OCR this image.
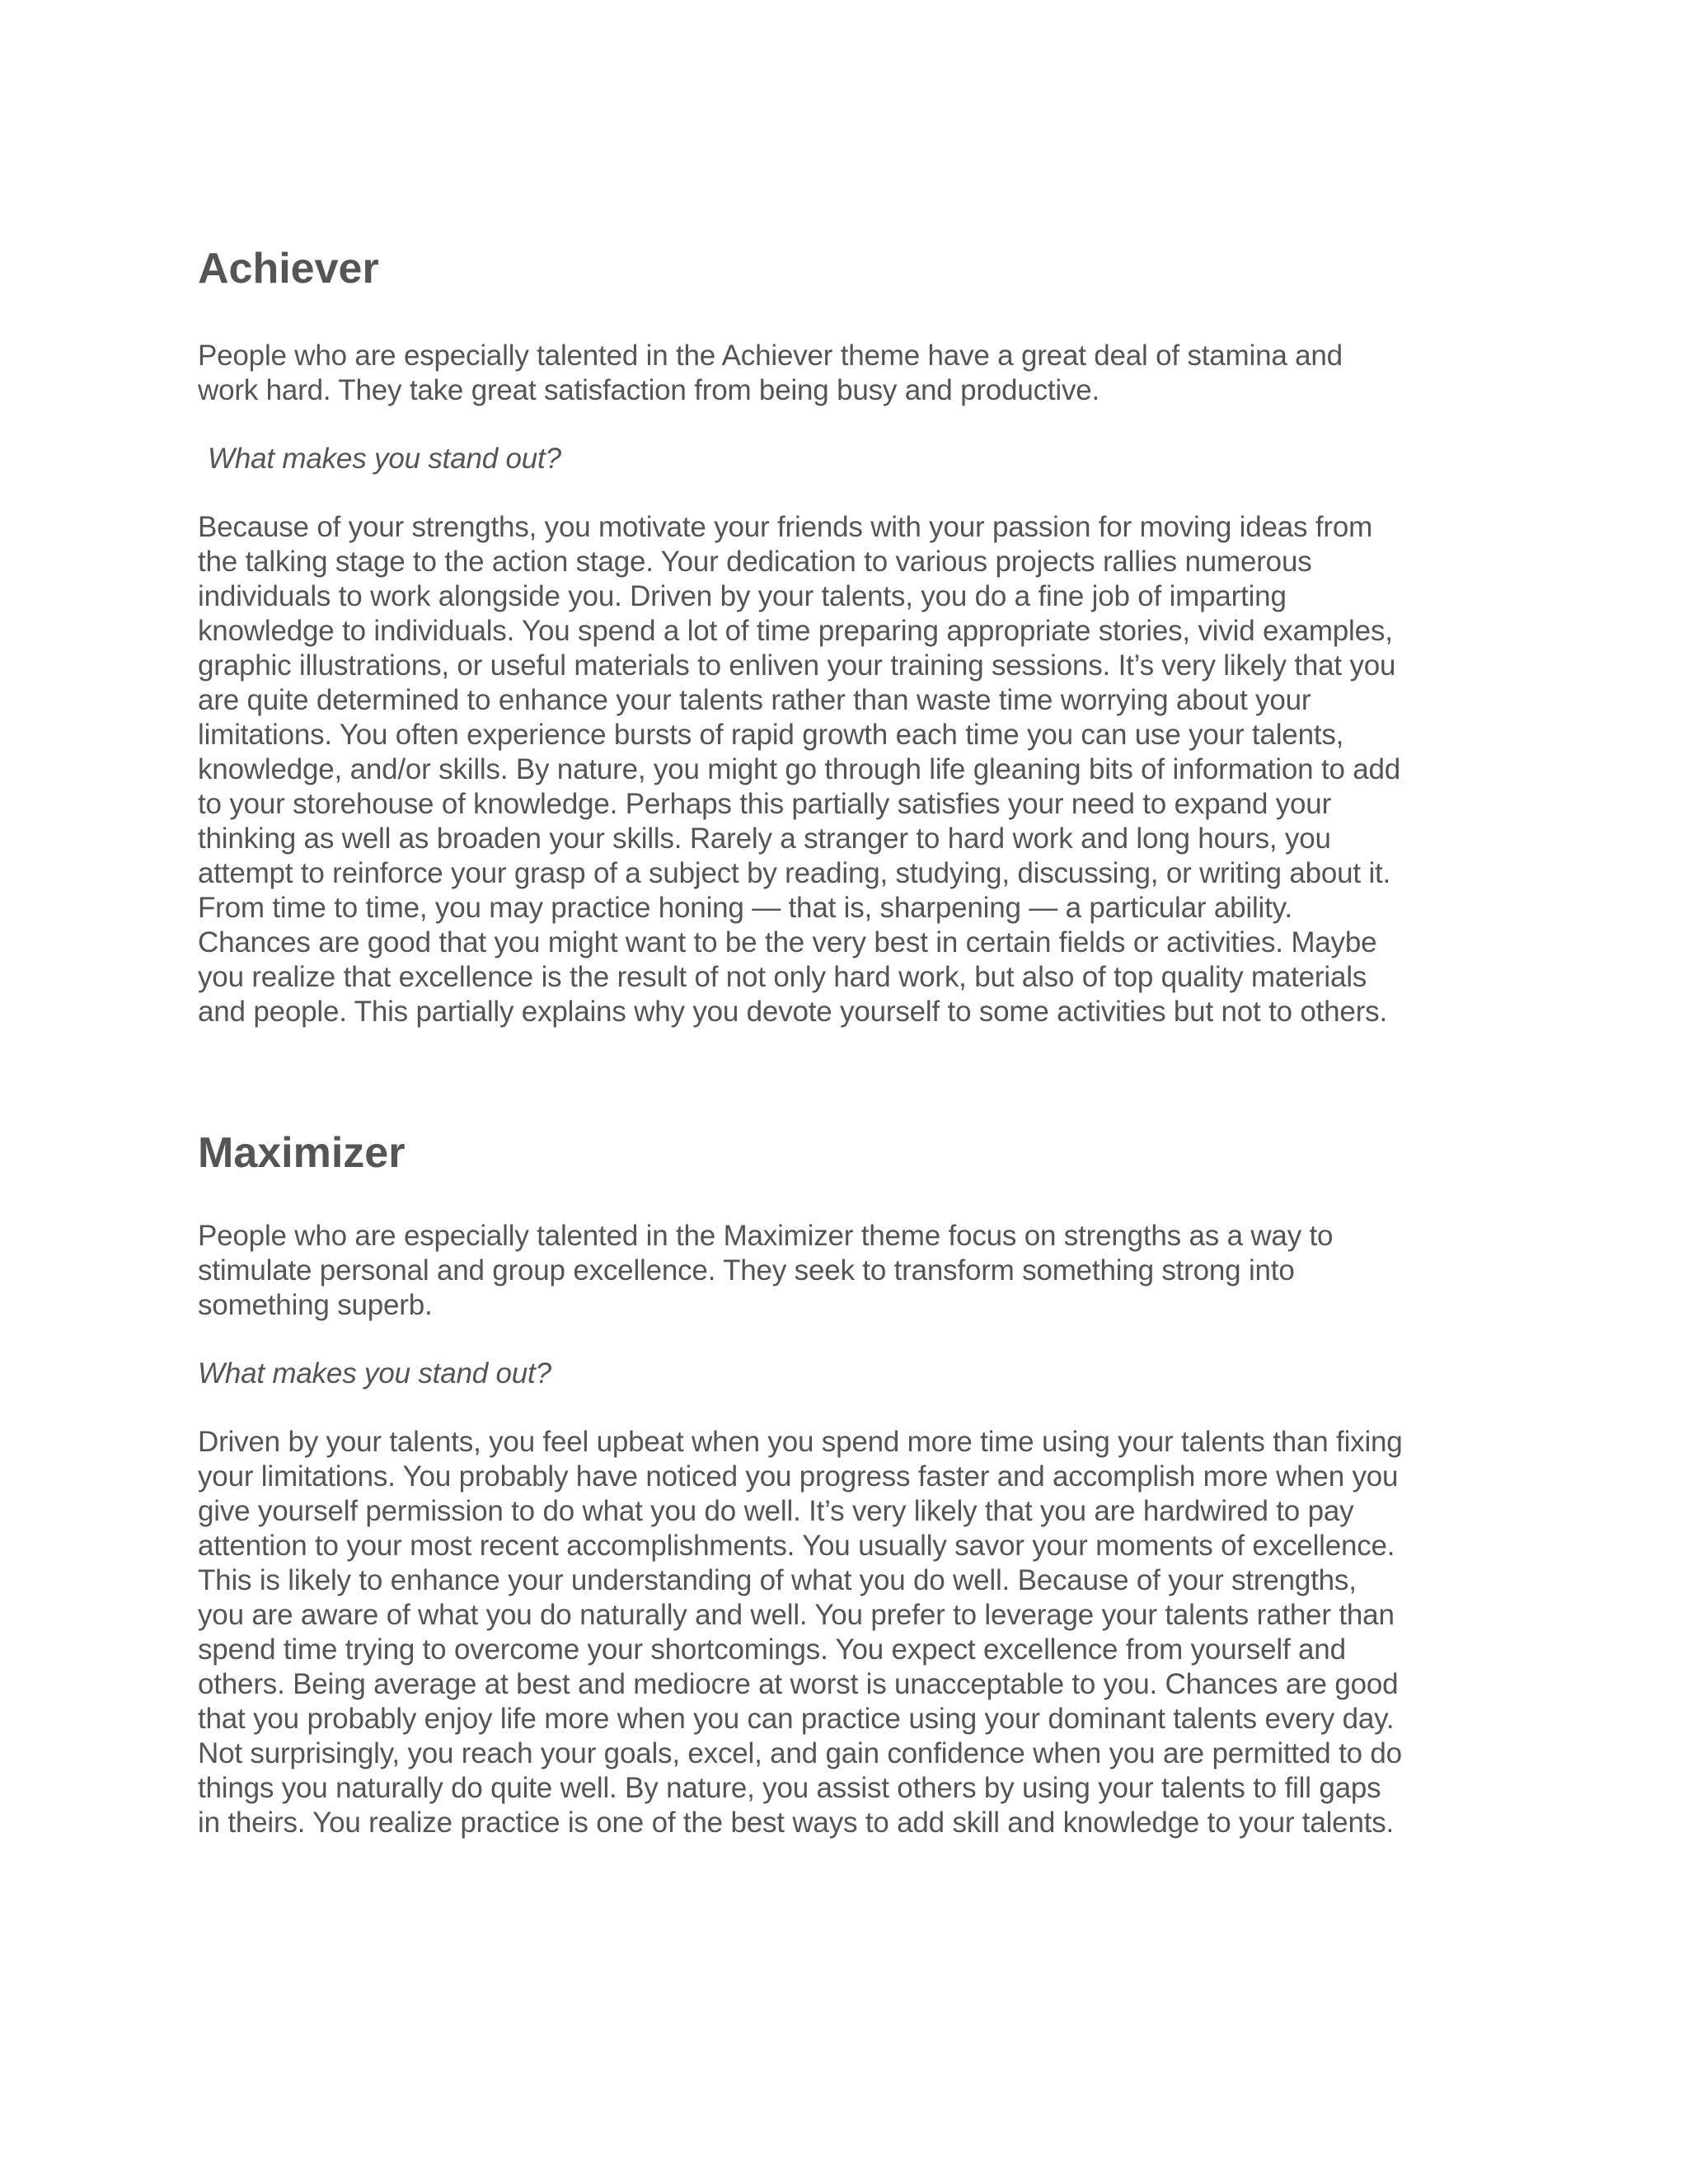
Achiever

People who are especially talented in the Achiever theme have a great deal of stamina and
work hard. They take great satisfaction from being busy and productive.

What makes you stand out?

Because of your strengths, you motivate your friends with your passion for moving ideas from
the talking stage to the action stage. Your dedication to various projects rallies numerous
individuals to work alongside you. Driven by your talents, you do a fine job of imparting
knowledge to individuals. You spend a lot of time preparing appropriate stories, vivid examples,
graphic illustrations, or useful materials to enliven your training sessions. It’s very likely that you
are quite determined to enhance your talents rather than waste time worrying about your
limitations. You often experience bursts of rapid growth each time you can use your talents,
knowledge, and/or skills. By nature, you might go through life gleaning bits of information to add
to your storehouse of knowledge. Perhaps this partially satisfies your need to expand your
thinking as well as broaden your skills. Rarely a stranger to hard work and long hours, you
attempt to reinforce your grasp of a subject by reading, studying, discussing, or writing about it.
From time to time, you may practice honing — that is, sharpening — a particular ability.
Chances are good that you might want to be the very best in certain fields or activities. Maybe
you realize that excellence is the result of not only hard work, but also of top quality materials
and people. This partially explains why you devote yourself to some activities but not to others.

Maximizer

People who are especially talented in the Maximizer theme focus on strengths as a way to
stimulate personal and group excellence. They seek to transform something strong into
something superb.

What makes you stand out?

Driven by your talents, you feel upbeat when you spend more time using your talents than fixing
your limitations. You probably have noticed you progress faster and accomplish more when you
give yourself permission to do what you do well. It’s very likely that you are hardwired to pay
attention to your most recent accomplishments. You usually savor your moments of excellence.
This is likely to enhance your understanding of what you do well. Because of your strengths,
you are aware of what you do naturally and well. You prefer to leverage your talents rather than
spend time trying to overcome your shortcomings. You expect excellence from yourself and
others. Being average at best and mediocre at worst is unacceptable to you. Chances are good
that you probably enjoy life more when you can practice using your dominant talents every day.
Not surprisingly, you reach your goals, excel, and gain confidence when you are permitted to do
things you naturally do quite well. By nature, you assist others by using your talents to fill gaps
in theirs. You realize practice is one of the best ways to add skill and knowledge to your talents.
